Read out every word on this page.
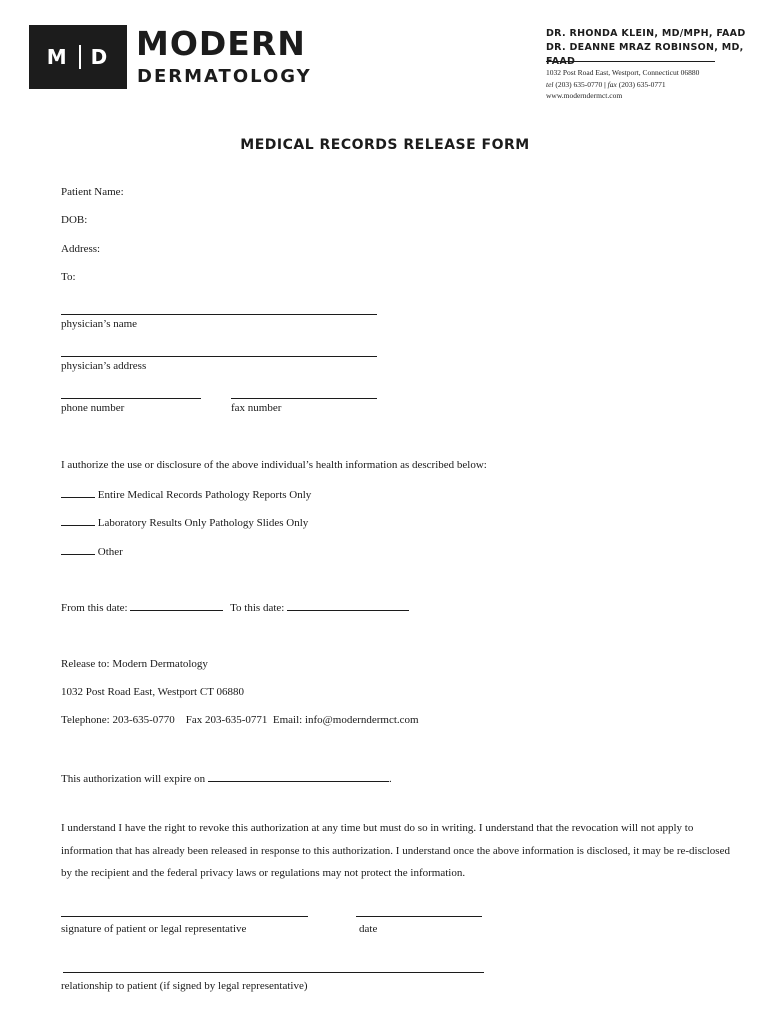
M D MODERN
DERMATOLOGY
DR. RHONDA KLEIN, MD/MPH, FAAD
DR. DEANNE MRAZ ROBINSON, MD,
1032 Post Road East, Westport, Connecticut 06880
tel (203) 635-0770 | fax (203) 635-0771
www.moderndermct.com
MEDICAL RECORDS RELEASE FORM
Patient Name:
DOB:
Address:
To:
physician’s name
physician’s address
phone number	fax number
I authorize the use or disclosure of the above individual’s health information as described below:
Entire Medical Records Pathology Reports Only
Laboratory Results Only Pathology Slides Only
Other
From this date:	To this date:
Release to: Modern Dermatology
1032 Post Road East, Westport CT 06880
Telephone: 203-635-0770    Fax 203-635-0771  Email: info@moderndermct.com
This authorization will expire on	.
I understand I have the right to revoke this authorization at any time but must do so in writing. I understand that the revocation will not apply to information that has already been released in response to this authorization. I understand once the above information is disclosed, it may be re-disclosed by the recipient and the federal privacy laws or regulations may not protect the information.
signature of patient or legal representative	date
relationship to patient (if signed by legal representative)
